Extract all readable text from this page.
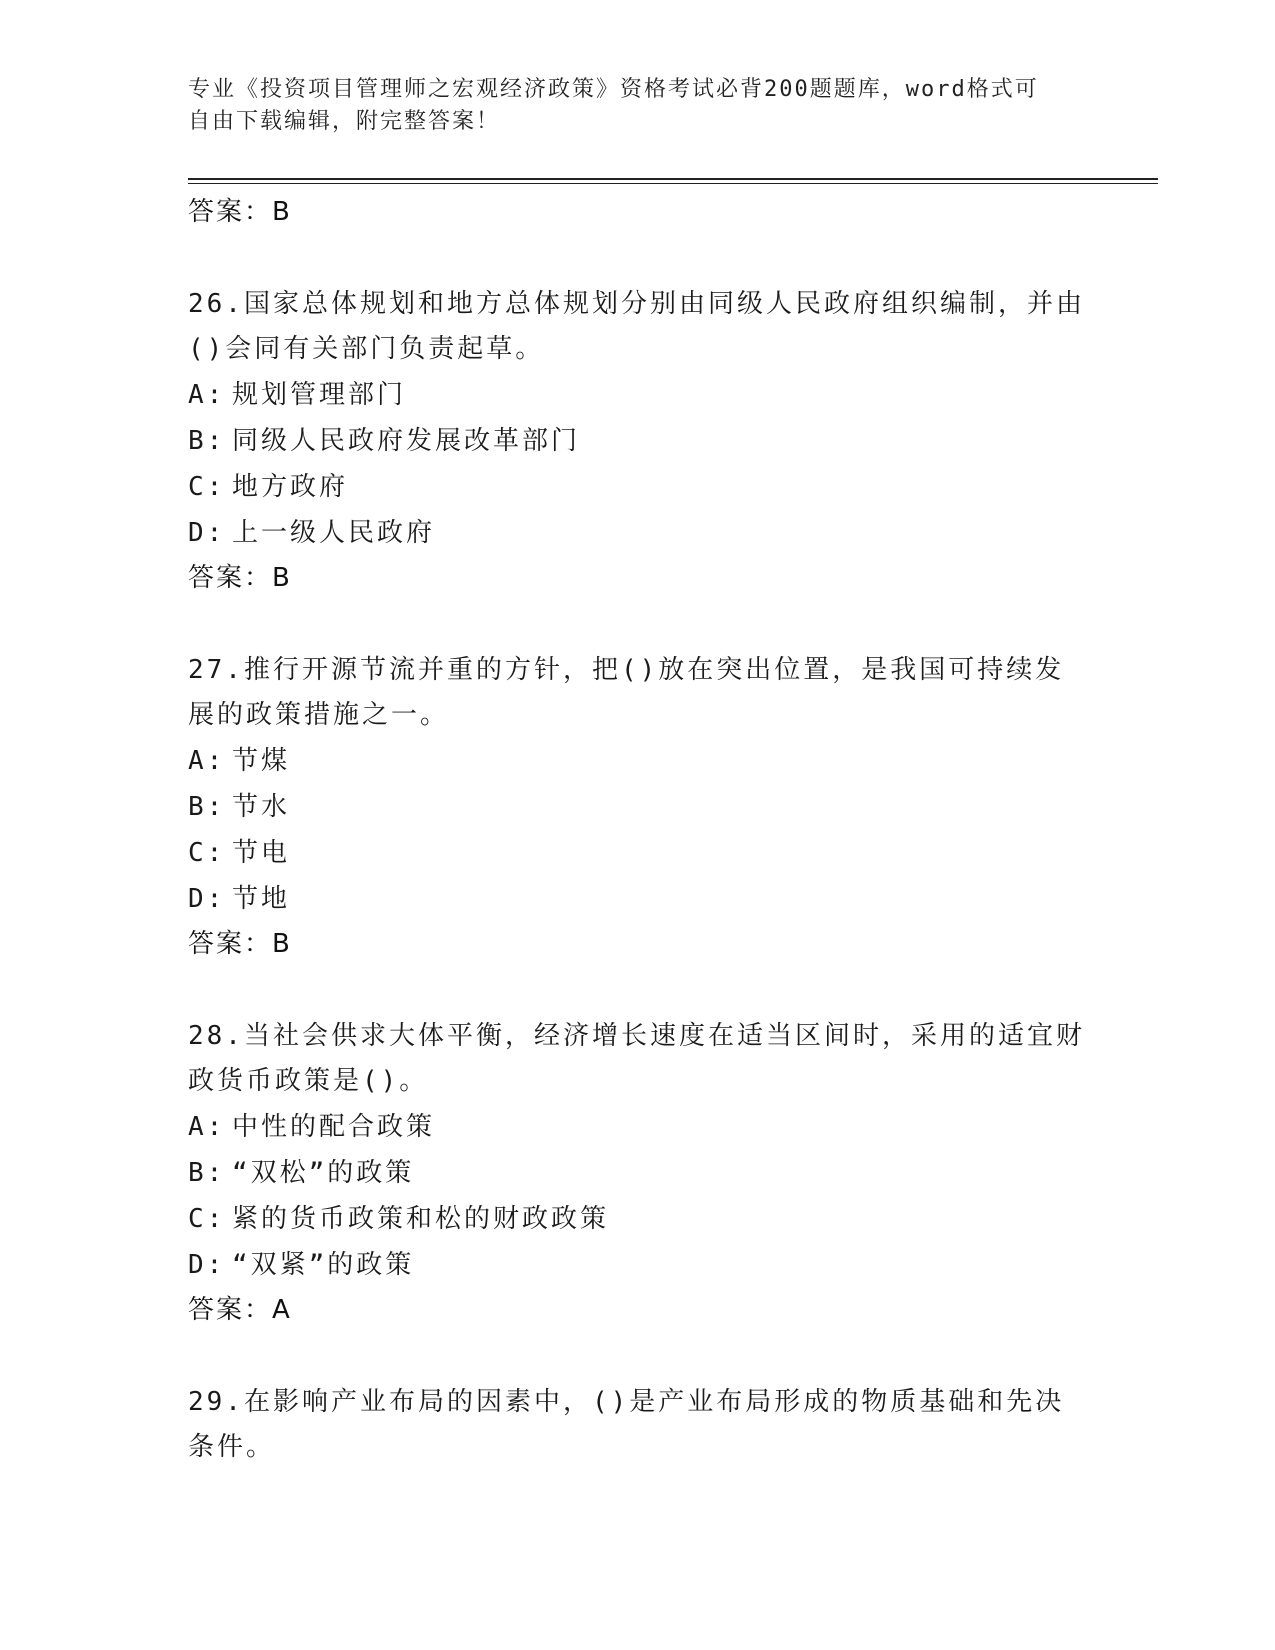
专业《投资项目管理师之宏观经济政策》资格考试必背200题题库，word格式可
自由下载编辑，附完整答案！
答案：B
26.国家总体规划和地方总体规划分别由同级人民政府组织编制，并由()会同有关部门负责起草。
A: 规划管理部门
B: 同级人民政府发展改革部门
C: 地方政府
D: 上一级人民政府
答案：B
27.推行开源节流并重的方针，把()放在突出位置，是我国可持续发展的政策措施之一。
A: 节煤
B: 节水
C: 节电
D: 节地
答案：B
28.当社会供求大体平衡，经济增长速度在适当区间时，采用的适宜财政货币政策是()。
A: 中性的配合政策
B: “双松”的政策
C: 紧的货币政策和松的财政政策
D: “双紧”的政策
答案：A
29.在影响产业布局的因素中，()是产业布局形成的物质基础和先决条件。
